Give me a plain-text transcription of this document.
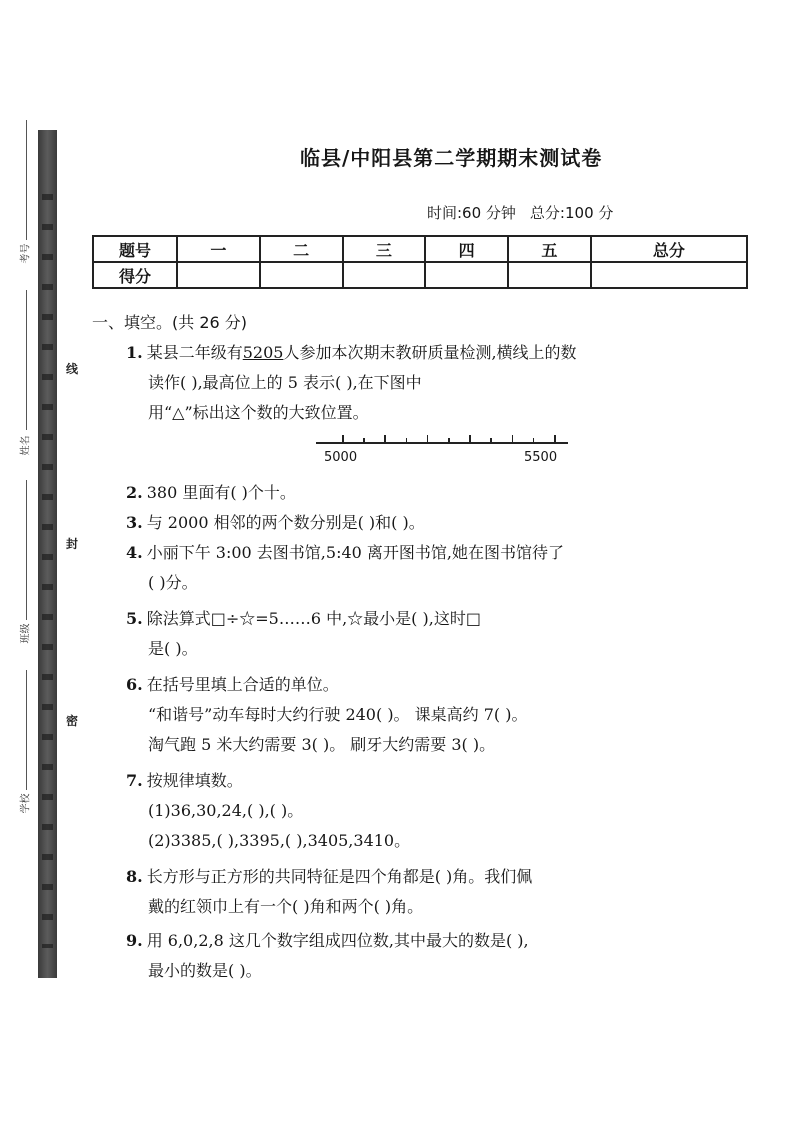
考号
姓名
班级
学校
线
封
密
临县/中阳县第二学期期末测试卷
时间:60 分钟 总分:100 分
题号	一	二	三	四	五	总分
得分						
一、填空。(共 26 分)
1. 某县二年级有5205人参加本次期末教研质量检测,横线上的数
读作( ),最高位上的 5 表示( ),在下图中
用“△”标出这个数的大致位置。
5000	5500
2. 380 里面有( )个十。
3. 与 2000 相邻的两个数分别是( )和( )。
4. 小丽下午 3:00 去图书馆,5:40 离开图书馆,她在图书馆待了
( )分。
5. 除法算式□÷☆=5……6 中,☆最小是( ),这时□
是( )。
6. 在括号里填上合适的单位。
“和谐号”动车每时大约行驶 240( )。 课桌高约 7( )。
淘气跑 5 米大约需要 3( )。 刷牙大约需要 3( )。
7. 按规律填数。
(1)36,30,24,( ),( )。
(2)3385,( ),3395,( ),3405,3410。
8. 长方形与正方形的共同特征是四个角都是( )角。我们佩
戴的红领巾上有一个( )角和两个( )角。
9. 用 6,0,2,8 这几个数字组成四位数,其中最大的数是( ),
最小的数是( )。
